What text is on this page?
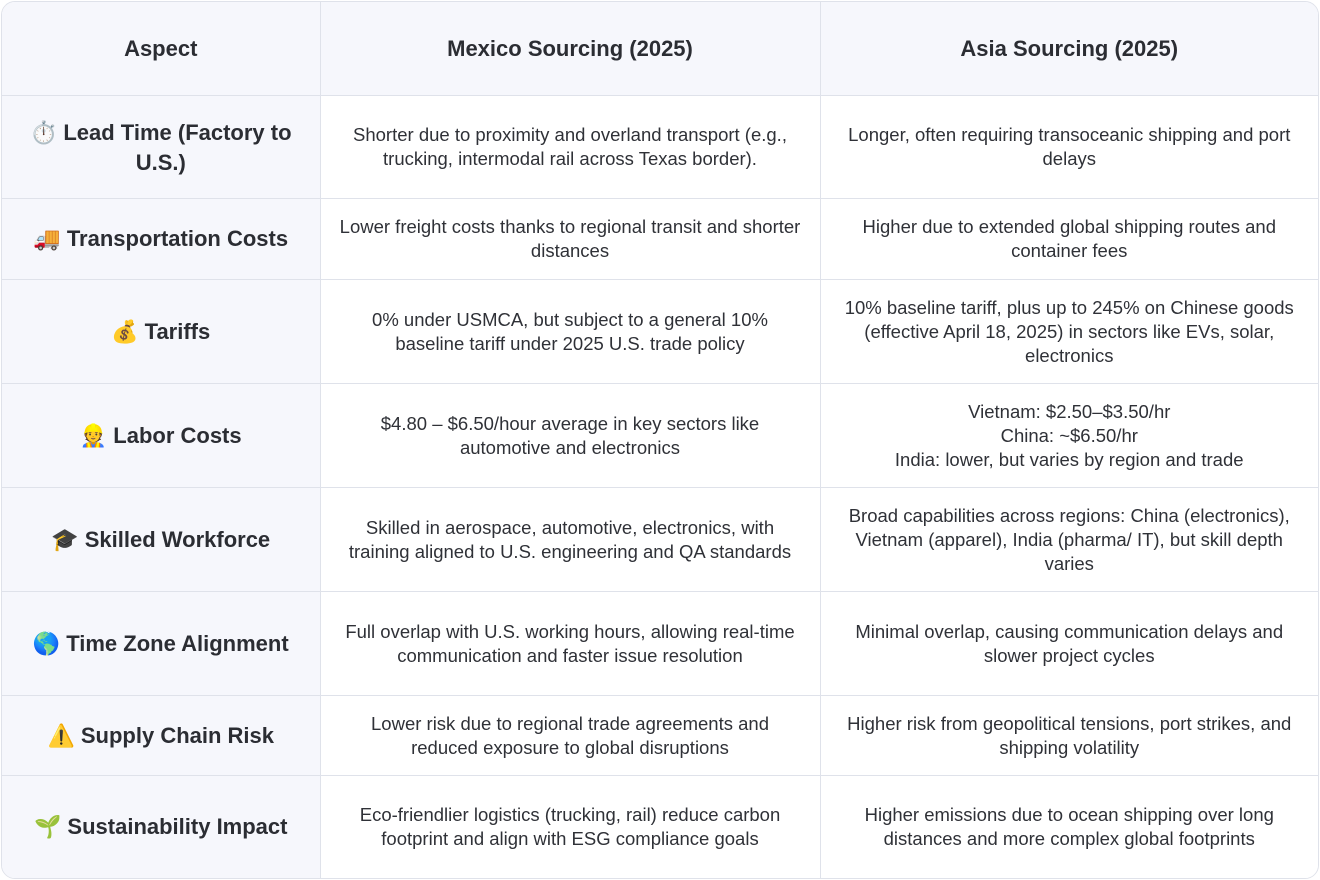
Aspect	Mexico Sourcing (2025)	Asia Sourcing (2025)
⏱️ Lead Time (Factory to U.S.)	Shorter due to proximity and overland transport (e.g., trucking, intermodal rail across Texas border).	Longer, often requiring transoceanic shipping and port delays
🚚 Transportation Costs	Lower freight costs thanks to regional transit and shorter distances	Higher due to extended global shipping routes and container fees
💰 Tariffs	0% under USMCA, but subject to a general 10% baseline tariff under 2025 U.S. trade policy	10% baseline tariff, plus up to 245% on Chinese goods (effective April 18, 2025) in sectors like EVs, solar, electronics
👷 Labor Costs	$4.80 – $6.50/hour average in key sectors like automotive and electronics	Vietnam: $2.50–$3.50/hr
China: ~$6.50/hr
India: lower, but varies by region and trade
🎓 Skilled Workforce	Skilled in aerospace, automotive, electronics, with training aligned to U.S. engineering and QA standards	Broad capabilities across regions: China (electronics), Vietnam (apparel), India (pharma/ IT), but skill depth varies
🌎 Time Zone Alignment	Full overlap with U.S. working hours, allowing real-time communication and faster issue resolution	Minimal overlap, causing communication delays and slower project cycles
⚠️ Supply Chain Risk	Lower risk due to regional trade agreements and reduced exposure to global disruptions	Higher risk from geopolitical tensions, port strikes, and shipping volatility
🌱 Sustainability Impact	Eco-friendlier logistics (trucking, rail) reduce carbon footprint and align with ESG compliance goals	Higher emissions due to ocean shipping over long distances and more complex global footprints
